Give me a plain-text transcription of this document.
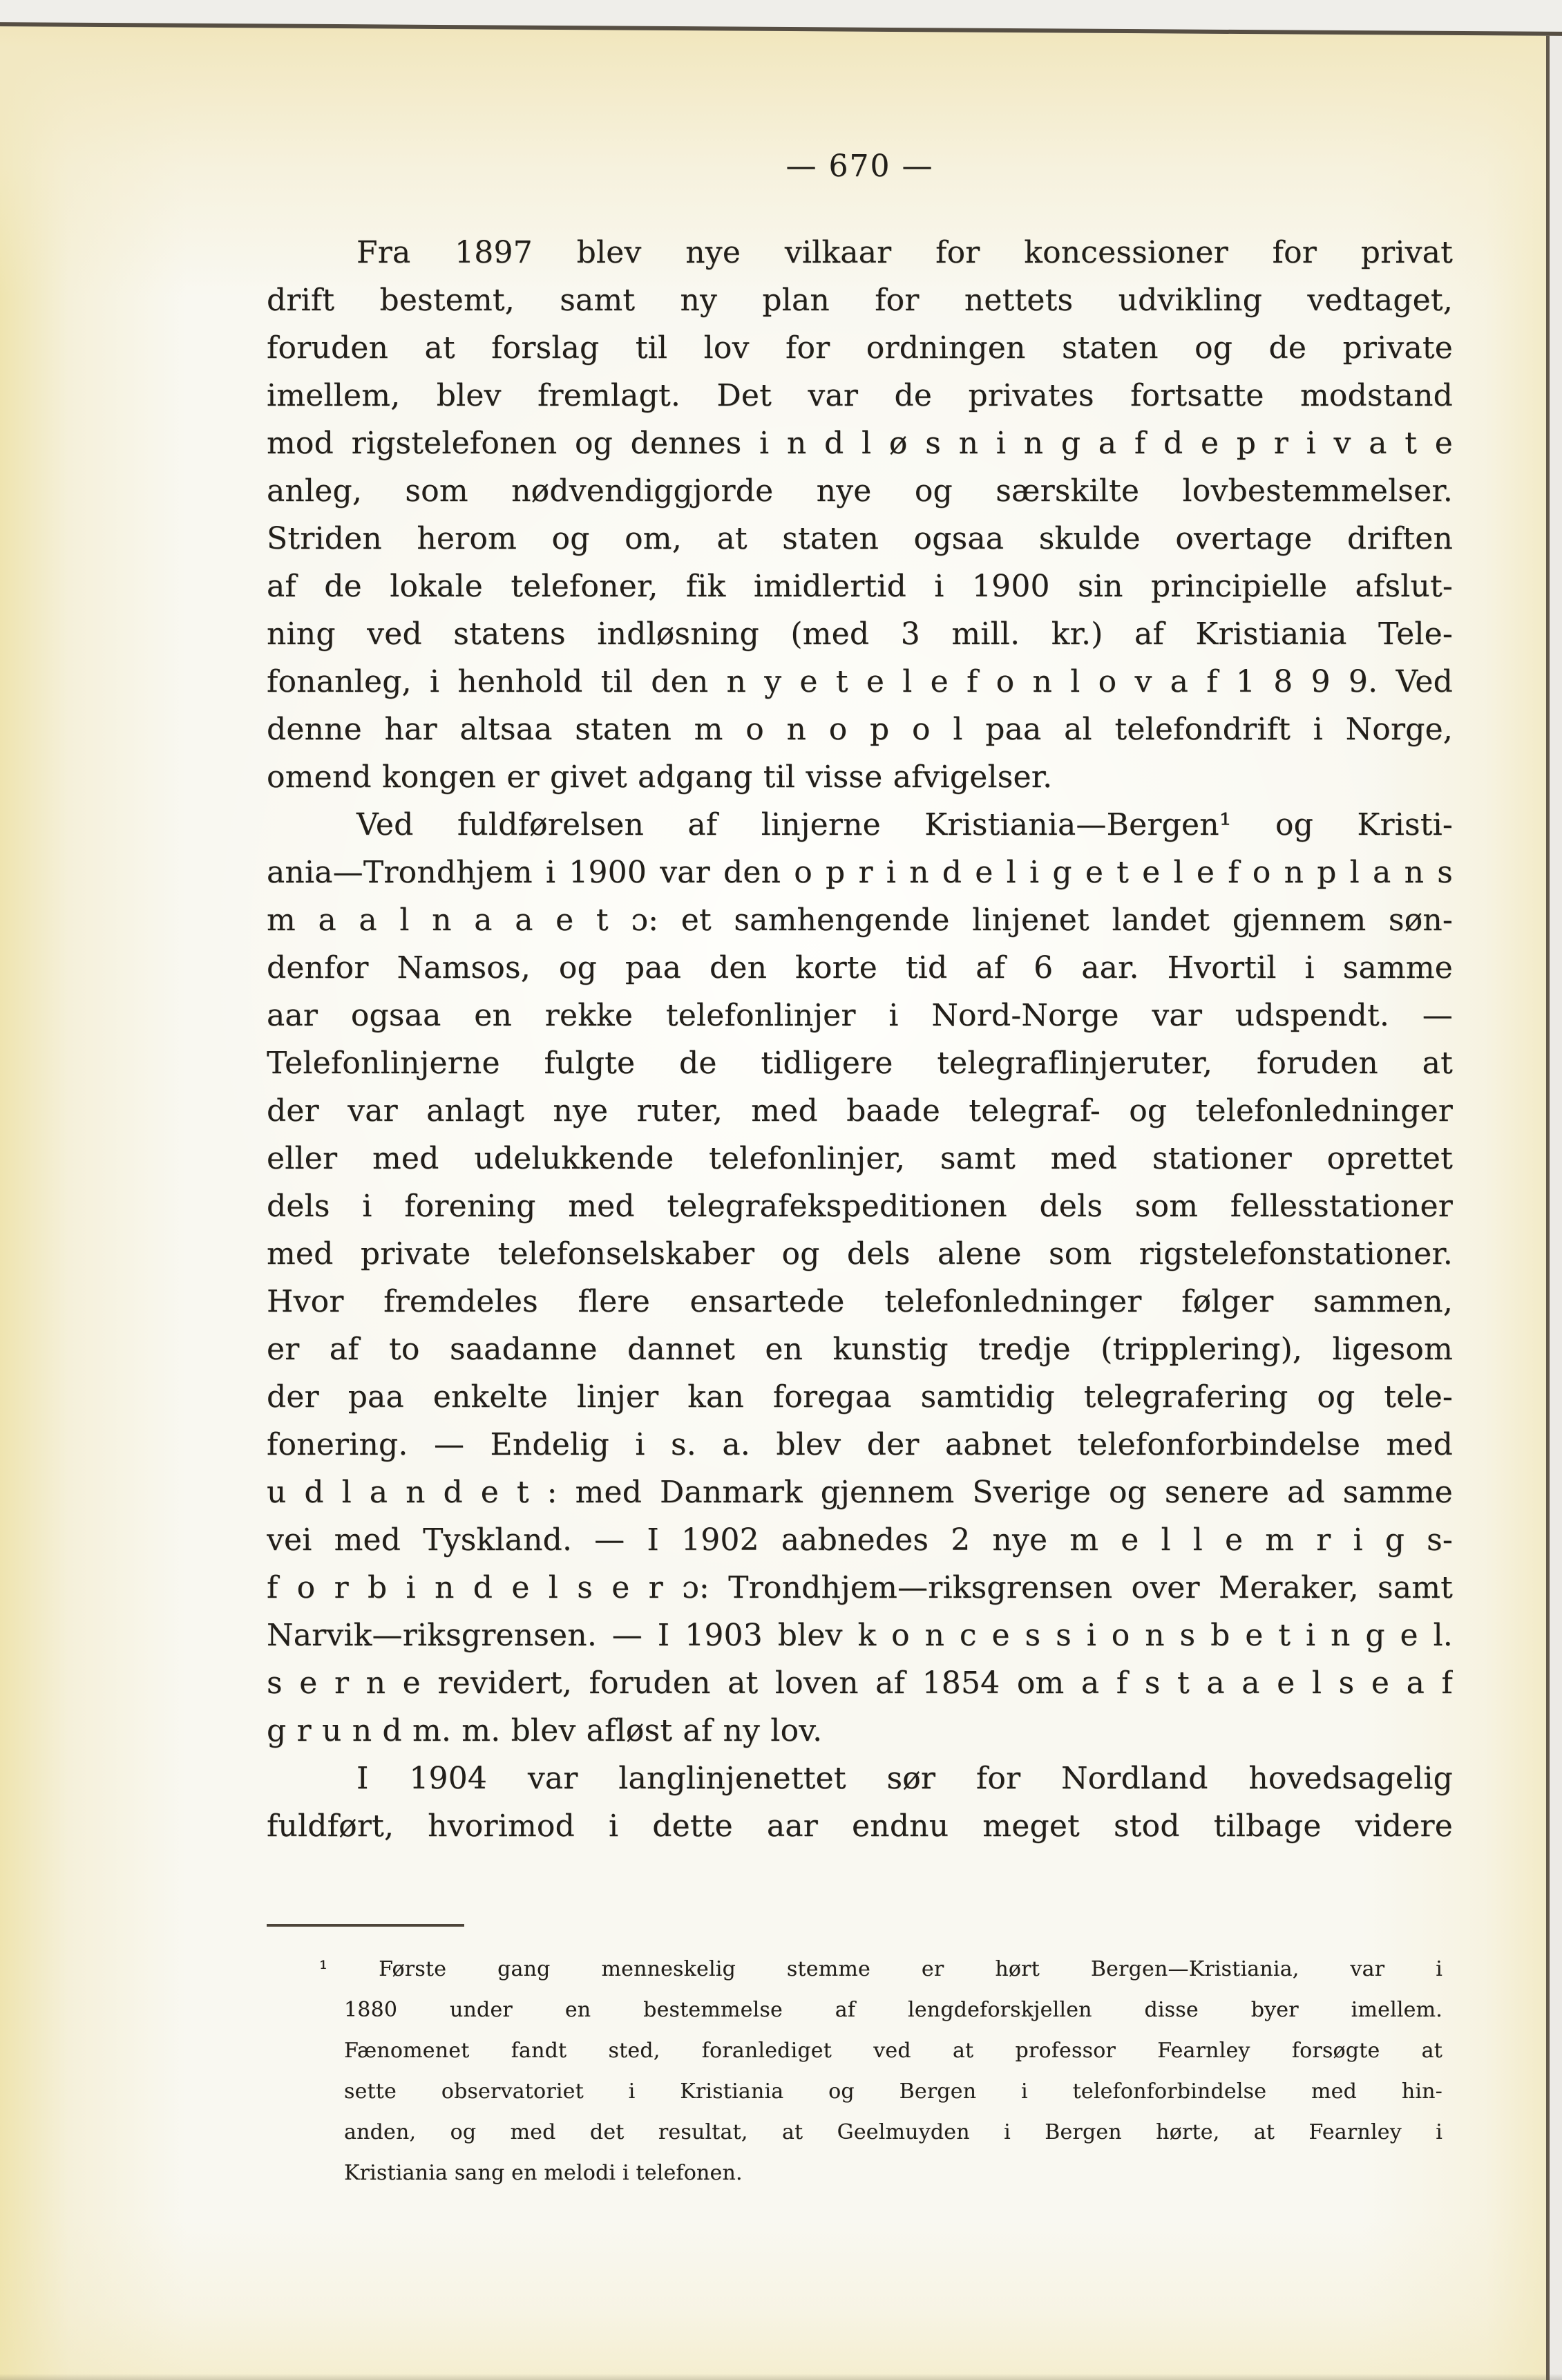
— 670 —
Fra 1897 blev nye vilkaar for koncessioner for privat
drift bestemt, samt ny plan for nettets udvikling vedtaget,
foruden at forslag til lov for ordningen staten og de private
imellem, blev fremlagt. Det var de privates fortsatte modstand
mod rigstelefonen og dennes i n d l ø s n i n g a f d e p r i v a t e
anleg, som nødvendiggjorde nye og særskilte lovbestemmelser.
Striden herom og om, at staten ogsaa skulde overtage driften
af de lokale telefoner, fik imidlertid i 1900 sin principielle afslut-
ning ved statens indløsning (med 3 mill. kr.) af Kristiania Tele-
fonanleg, i henhold til den n y e t e l e f o n l o v a f 1 8 9 9. Ved
denne har altsaa staten m o n o p o l paa al telefondrift i Norge,
omend kongen er givet adgang til visse afvigelser.
Ved fuldførelsen af linjerne Kristiania—Bergen¹ og Kristi-
ania—Trondhjem i 1900 var den o p r i n d e l i g e t e l e f o n p l a n s
m a a l n a a e t ɔ: et samhengende linjenet landet gjennem søn-
denfor Namsos, og paa den korte tid af 6 aar. Hvortil i samme
aar ogsaa en rekke telefonlinjer i Nord-Norge var udspendt. —
Telefonlinjerne fulgte de tidligere telegraflinjeruter, foruden at
der var anlagt nye ruter, med baade telegraf- og telefonledninger
eller med udelukkende telefonlinjer, samt med stationer oprettet
dels i forening med telegrafekspeditionen dels som fellesstationer
med private telefonselskaber og dels alene som rigstelefonstationer.
Hvor fremdeles flere ensartede telefonledninger følger sammen,
er af to saadanne dannet en kunstig tredje (tripplering), ligesom
der paa enkelte linjer kan foregaa samtidig telegrafering og tele-
fonering. — Endelig i s. a. blev der aabnet telefonforbindelse med
u d l a n d e t : med Danmark gjennem Sverige og senere ad samme
vei med Tyskland. — I 1902 aabnedes 2 nye m e l l e m r i g s-
f o r b i n d e l s e r ɔ: Trondhjem—riksgrensen over Meraker, samt
Narvik—riksgrensen. — I 1903 blev k o n c e s s i o n s b e t i n g e l.
s e r n e revidert, foruden at loven af 1854 om a f s t a a e l s e a f
g r u n d m. m. blev afløst af ny lov.
I 1904 var langlinjenettet sør for Nordland hovedsagelig
fuldført, hvorimod i dette aar endnu meget stod tilbage videre
¹ Første gang menneskelig stemme er hørt Bergen—Kristiania, var i
1880 under en bestemmelse af lengdeforskjellen disse byer imellem.
Fænomenet fandt sted, foranlediget ved at professor Fearnley forsøgte at
sette observatoriet i Kristiania og Bergen i telefonforbindelse med hin-
anden, og med det resultat, at Geelmuyden i Bergen hørte, at Fearnley i
Kristiania sang en melodi i telefonen.
